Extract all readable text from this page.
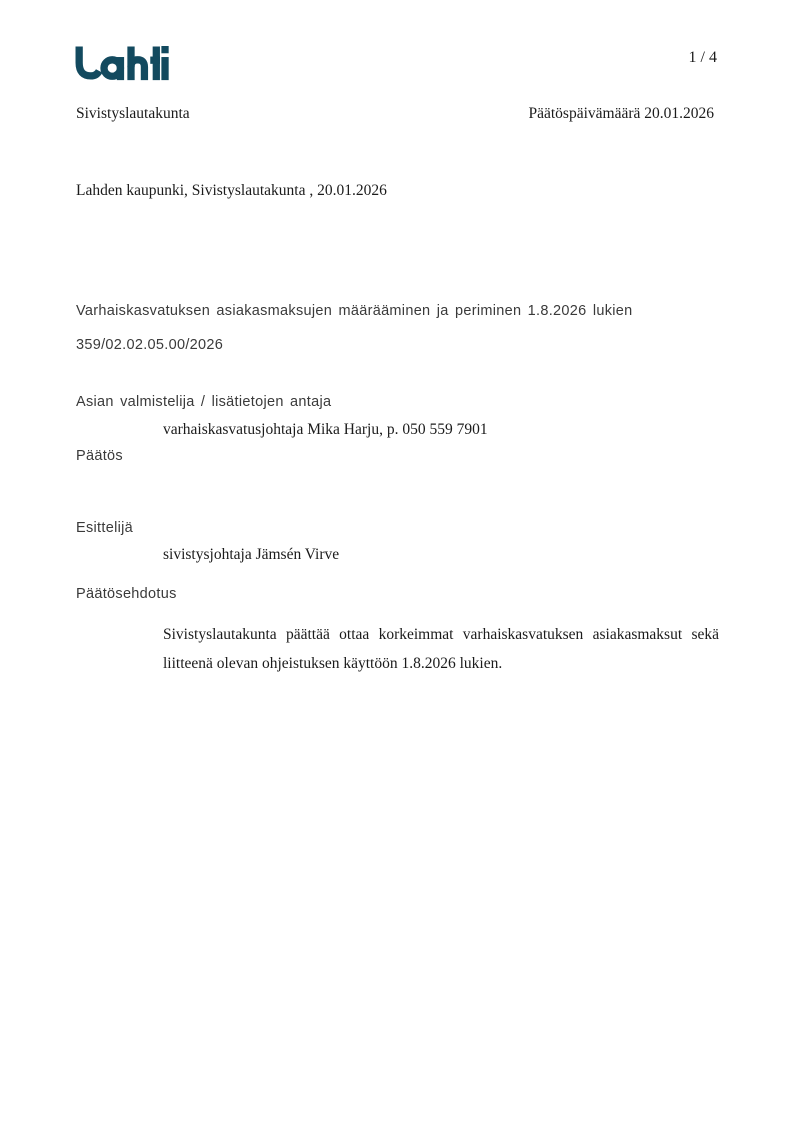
1 / 4
Sivistyslautakunta	Päätöspäivämäärä 20.01.2026
Lahden kaupunki, Sivistyslautakunta , 20.01.2026
Varhaiskasvatuksen asiakasmaksujen määrääminen ja periminen 1.8.2026 lukien
359/02.02.05.00/2026
Asian valmistelija / lisätietojen antaja
varhaiskasvatusjohtaja Mika Harju, p. 050 559 7901
Päätös
Esittelijä
sivistysjohtaja Jämsén Virve
Päätösehdotus
Sivistyslautakunta päättää ottaa korkeimmat varhaiskasvatuksen asiakasmaksut sekä liitteenä olevan ohjeistuksen käyttöön 1.8.2026 lukien.
